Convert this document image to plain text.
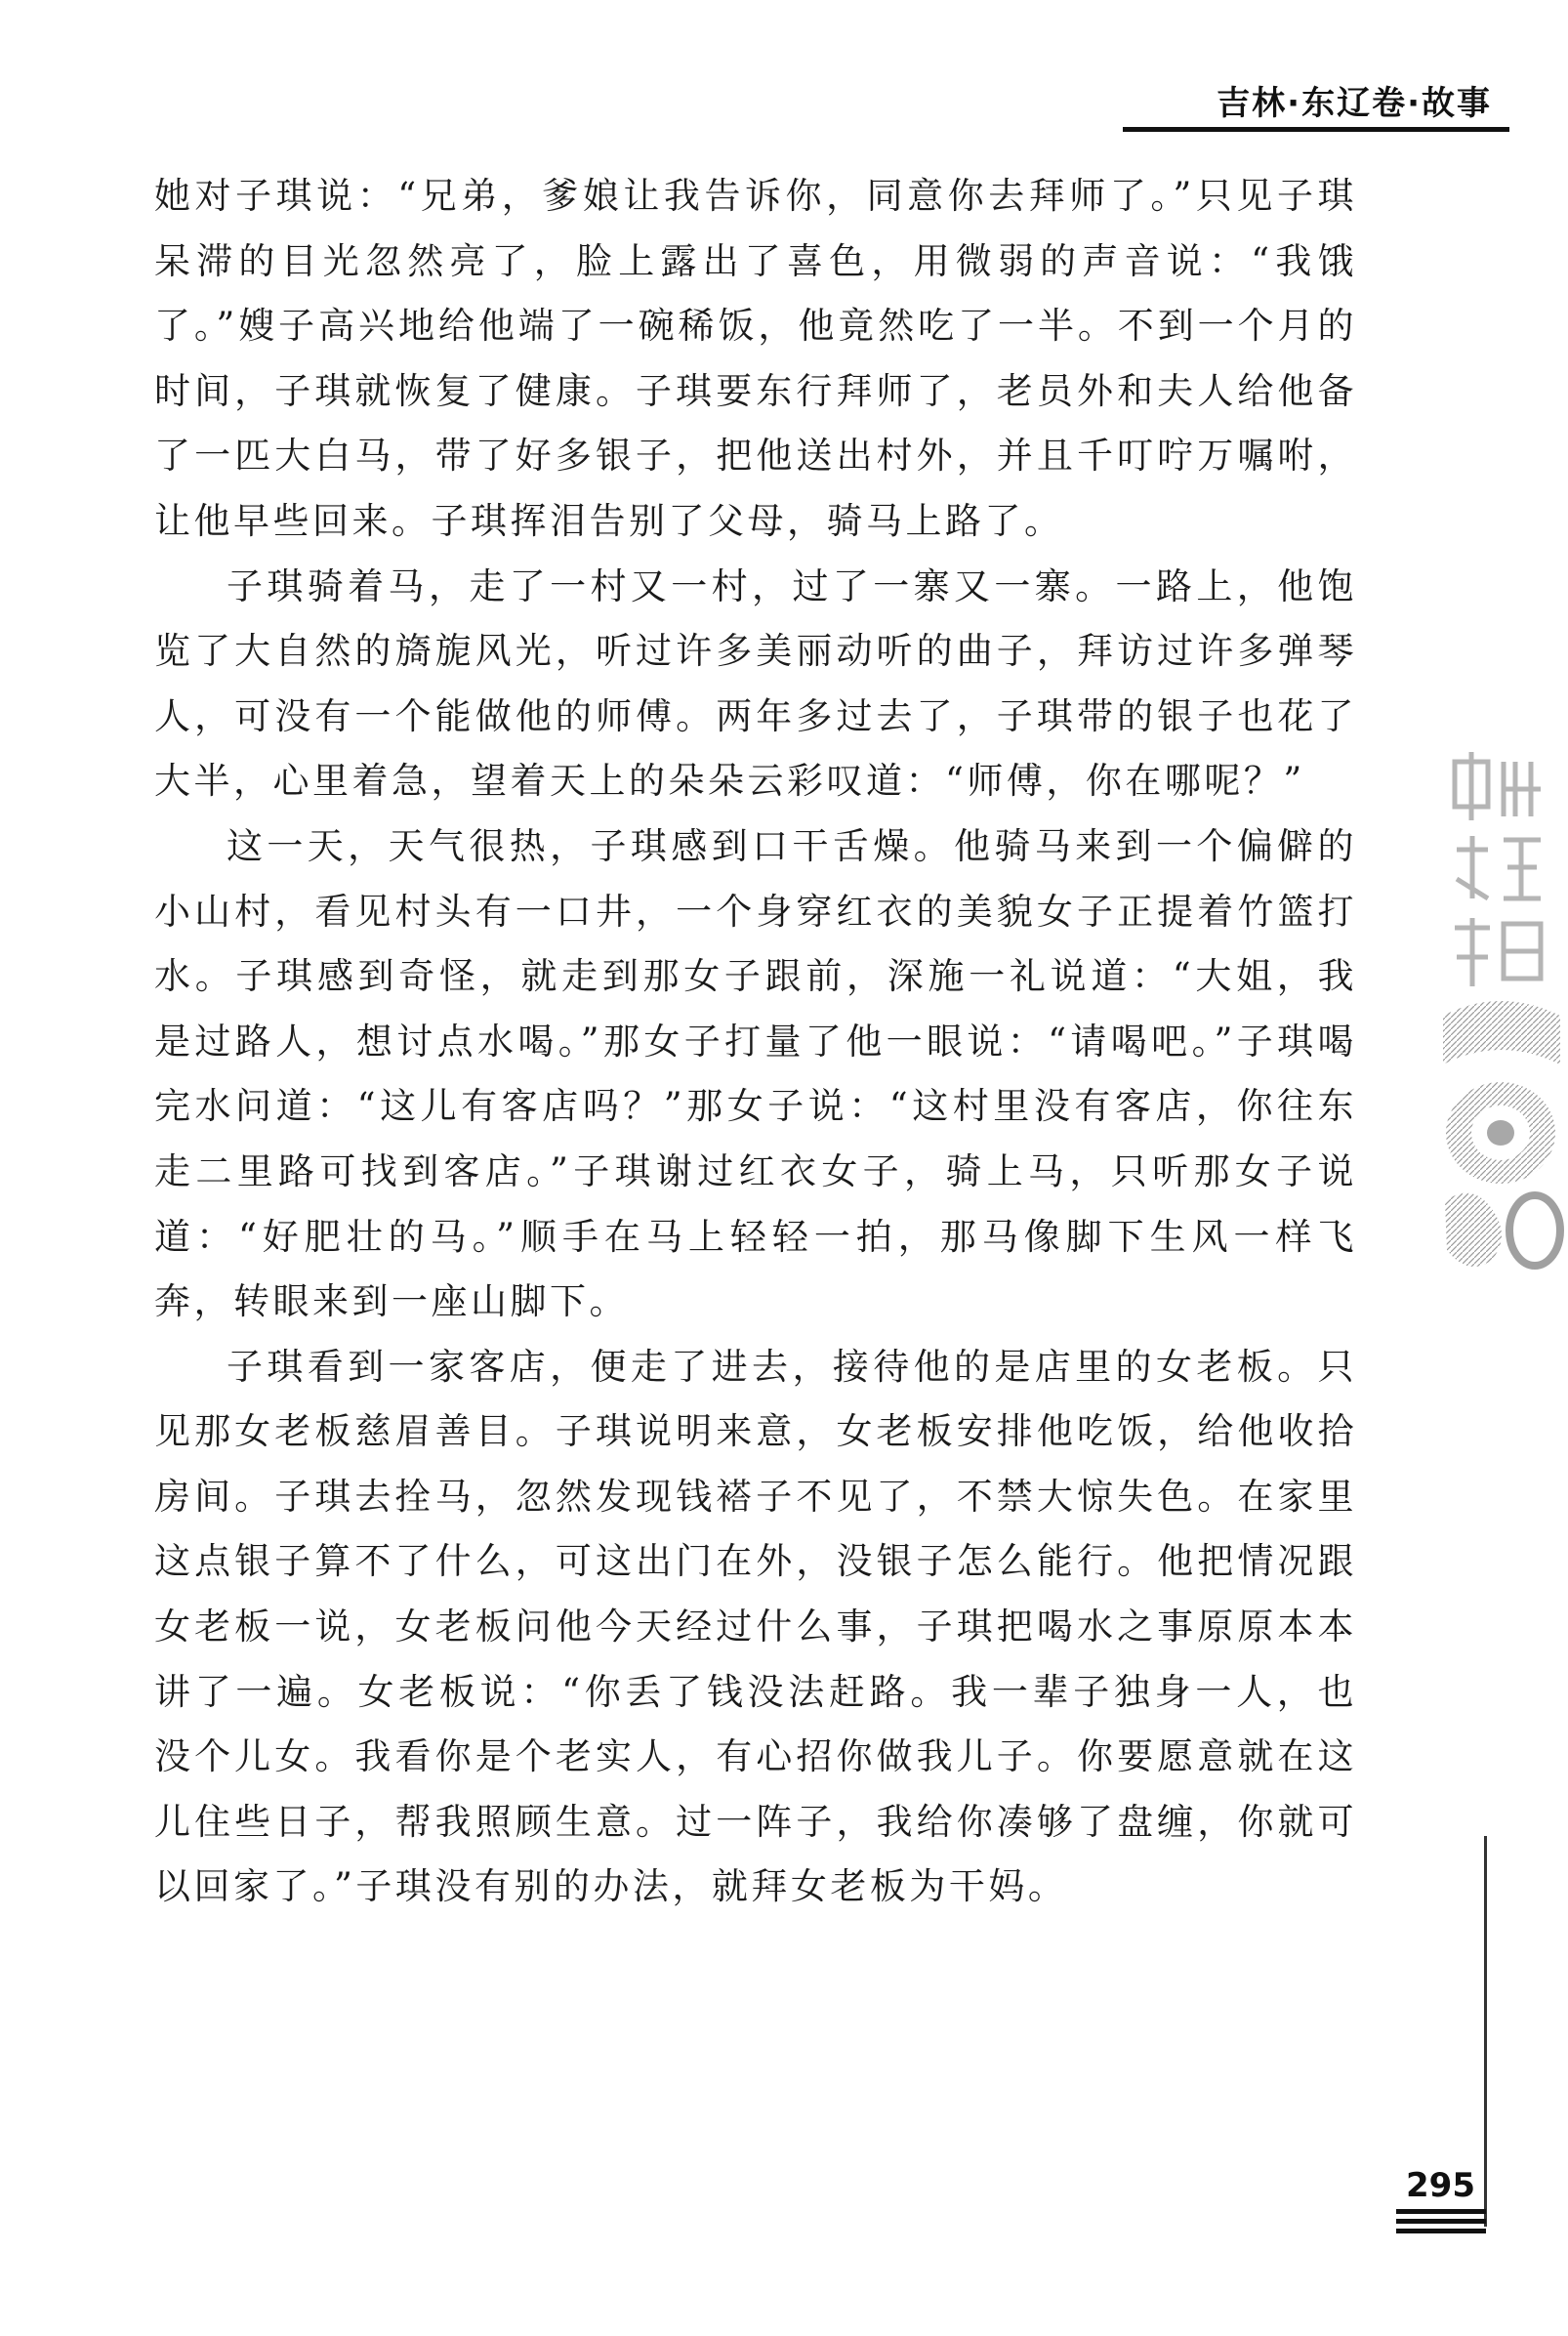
吉林·东辽卷·故事

她对子琪说：“兄弟，爹娘让我告诉你，同意你去拜师了。”只见子琪呆滞的目光忽然亮了，脸上露出了喜色，用微弱的声音说：“我饿了。”嫂子高兴地给他端了一碗稀饭，他竟然吃了一半。不到一个月的时间，子琪就恢复了健康。子琪要东行拜师了，老员外和夫人给他备了一匹大白马，带了好多银子，把他送出村外，并且千叮咛万嘱咐，让他早些回来。子琪挥泪告别了父母，骑马上路了。

子琪骑着马，走了一村又一村，过了一寨又一寨。一路上，他饱览了大自然的旖旎风光，听过许多美丽动听的曲子，拜访过许多弹琴人，可没有一个能做他的师傅。两年多过去了，子琪带的银子也花了大半，心里着急，望着天上的朵朵云彩叹道：“师傅，你在哪呢？”

这一天，天气很热，子琪感到口干舌燥。他骑马来到一个偏僻的小山村，看见村头有一口井，一个身穿红衣的美貌女子正提着竹篮打水。子琪感到奇怪，就走到那女子跟前，深施一礼说道：“大姐，我是过路人，想讨点水喝。”那女子打量了他一眼说：“请喝吧。”子琪喝完水问道：“这儿有客店吗？”那女子说：“这村里没有客店，你往东走二里路可找到客店。”子琪谢过红衣女子，骑上马，只听那女子说道：“好肥壮的马。”顺手在马上轻轻一拍，那马像脚下生风一样飞奔，转眼来到一座山脚下。

子琪看到一家客店，便走了进去，接待他的是店里的女老板。只见那女老板慈眉善目。子琪说明来意，女老板安排他吃饭，给他收拾房间。子琪去拴马，忽然发现钱褡子不见了，不禁大惊失色。在家里这点银子算不了什么，可这出门在外，没银子怎么能行。他把情况跟女老板一说，女老板问他今天经过什么事，子琪把喝水之事原原本本讲了一遍。女老板说：“你丢了钱没法赶路。我一辈子独身一人，也没个儿女。我看你是个老实人，有心招你做我儿子。你要愿意就在这儿住些日子，帮我照顾生意。过一阵子，我给你凑够了盘缠，你就可以回家了。”子琪没有别的办法，就拜女老板为干妈。

295
